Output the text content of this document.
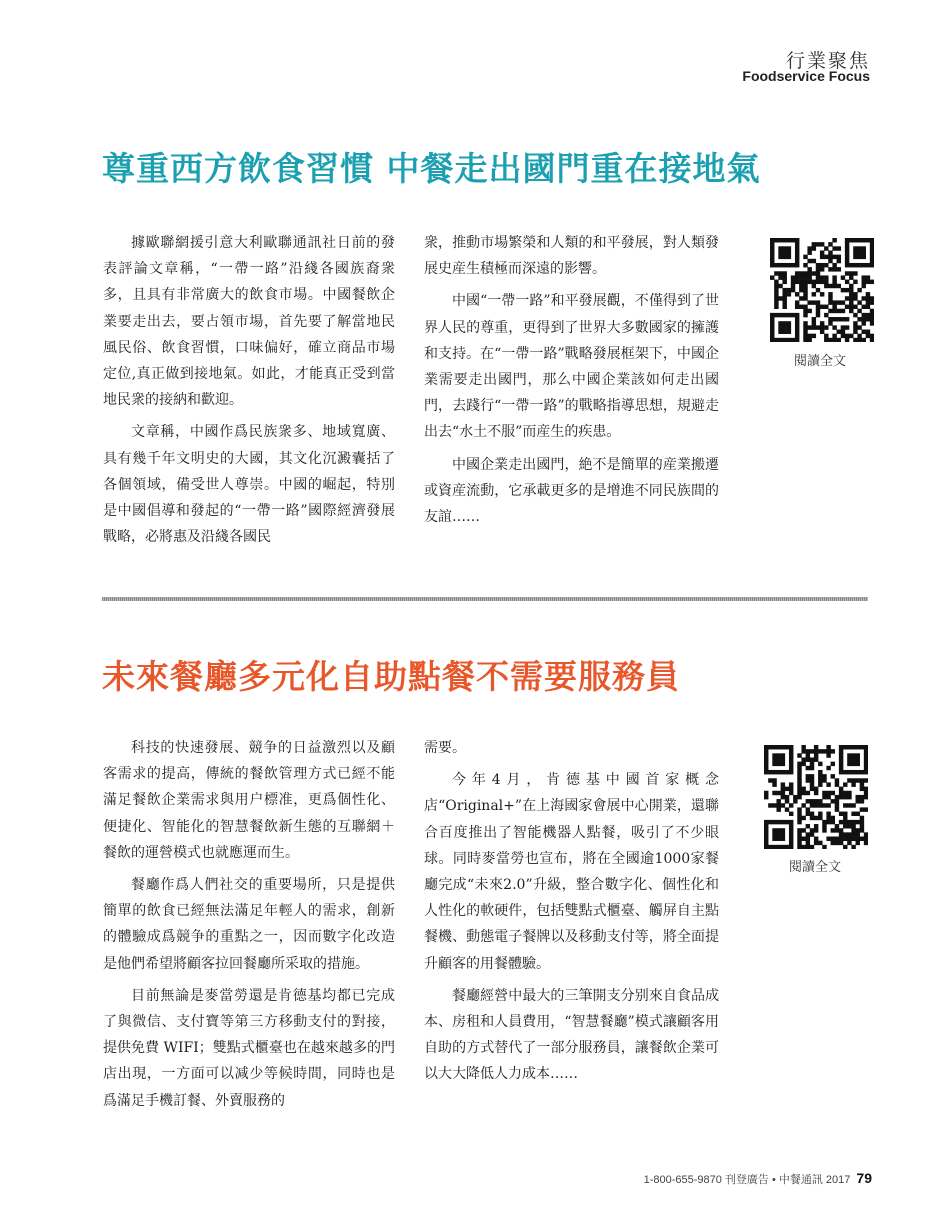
行業聚焦
Foodservice Focus
尊重西方飲食習慣 中餐走出國門重在接地氣

據歐聯網援引意大利歐聯通訊社日前的發表評論文章稱，“一帶一路”沿綫各國族裔衆多，且具有非常廣大的飲食市場。中國餐飲企業要走出去，要占領市場，首先要了解當地民風民俗、飲食習慣，口味偏好，確立商品市場定位,真正做到接地氣。如此，才能真正受到當地民衆的接納和歡迎。

文章稱，中國作爲民族衆多、地域寬廣、具有幾千年文明史的大國，其文化沉澱囊括了各個領域，備受世人尊崇。中國的崛起，特別是中國倡導和發起的“一帶一路”國際經濟發展戰略，必將惠及沿綫各國民

衆，推動市場繁榮和人類的和平發展，對人類發展史産生積極而深遠的影響。

中國“一帶一路”和平發展觀，不僅得到了世界人民的尊重，更得到了世界大多數國家的擁護和支持。在“一帶一路”戰略發展框架下，中國企業需要走出國門，那么中國企業該如何走出國門，去踐行“一帶一路”的戰略指導思想，規避走出去“水土不服”而産生的疾患。

中國企業走出國門，絶不是簡單的産業搬遷或資産流動，它承載更多的是增進不同民族間的友誼……

閱讀全文
未來餐廳多元化自助點餐不需要服務員

科技的快速發展、競争的日益激烈以及顧客需求的提高，傳統的餐飲管理方式已經不能滿足餐飲企業需求與用户標准，更爲個性化、便捷化、智能化的智慧餐飲新生態的互聯網＋餐飲的運營模式也就應運而生。

餐廳作爲人們社交的重要場所，只是提供簡單的飲食已經無法滿足年輕人的需求，創新的體驗成爲競争的重點之一，因而數字化改造是他們希望將顧客拉回餐廳所采取的措施。

目前無論是麥當勞還是肯德基均都已完成了與微信、支付寶等第三方移動支付的對接，提供免費 WIFI；雙點式櫃臺也在越來越多的門店出現，一方面可以减少等候時間，同時也是爲滿足手機訂餐、外賣服務的

需要。

今年4月，肯德基中國首家概念店“Original+”在上海國家會展中心開業，還聯合百度推出了智能機器人點餐，吸引了不少眼球。同時麥當勞也宣布，將在全國逾1000家餐廳完成“未來2.0”升級，整合數字化、個性化和人性化的軟硬件，包括雙點式櫃臺、觸屏自主點餐機、動態電子餐牌以及移動支付等，將全面提升顧客的用餐體驗。

餐廳經營中最大的三筆開支分别來自食品成本、房租和人員費用，“智慧餐廳”模式讓顧客用自助的方式替代了一部分服務員，讓餐飲企業可以大大降低人力成本……

閱讀全文
1-800-655-9870 刊登廣告 • 中餐通訊 2017 79
